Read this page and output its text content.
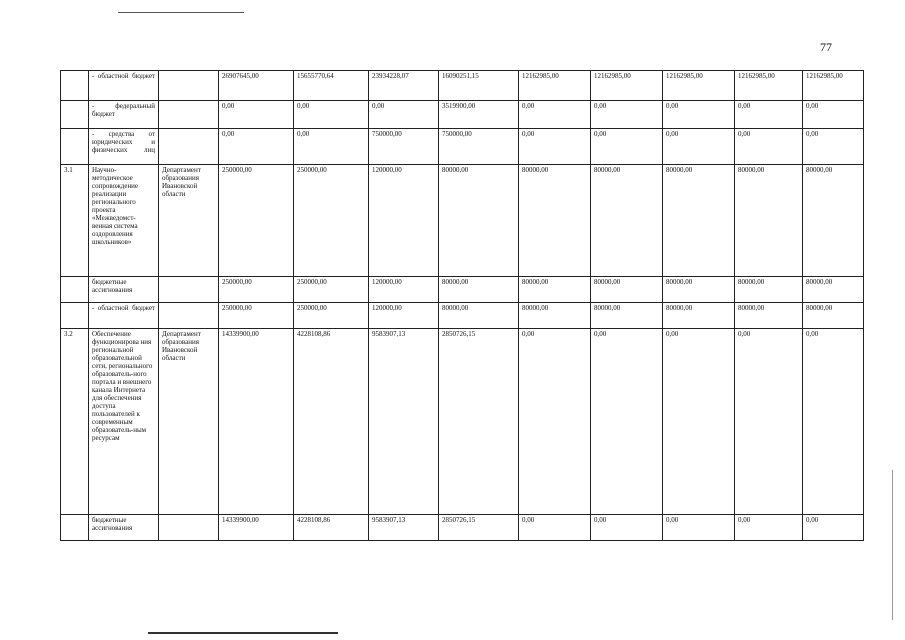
77
	- областной бюджет		26907645,00	15655770,64	23934228,07	16090251,15	12162985,00	12162985,00	12162985,00	12162985,00	12162985,00
	- федеральный бюджет		0,00	0,00	0,00	3519900,00	0,00	0,00	0,00	0,00	0,00
	- средства от юридических и физических лиц		0,00	0,00	750000,00	750000,00	0,00	0,00	0,00	0,00	0,00
3.1	Научно-методическое сопровождение реализации регионального проекта «Межведомст-венная система оздоровления школьников»	Департамент образования Ивановской области	250000,00	250000,00	120000,00	80000,00	80000,00	80000,00	80000,00	80000,00	80000,00
	бюджетные ассигнования		250000,00	250000,00	120000,00	80000,00	80000,00	80000,00	80000,00	80000,00	80000,00
	- областной бюджет		250000,00	250000,00	120000,00	80000,00	80000,00	80000,00	80000,00	80000,00	80000,00
3.2	Обеспечение функционирова ния региональной образовательной сети, регионального образователь-ного портала и внешнего канала Интернета для обеспечения доступа пользователей к современным образователь-ным ресурсам	Департамент образования Ивановской области	14339900,00	4228108,86	9583907,13	2850726,15	0,00	0,00	0,00	0,00	0,00
	бюджетные ассигнования		14339900,00	4228108,86	9583907,13	2850726,15	0,00	0,00	0,00	0,00	0,00
